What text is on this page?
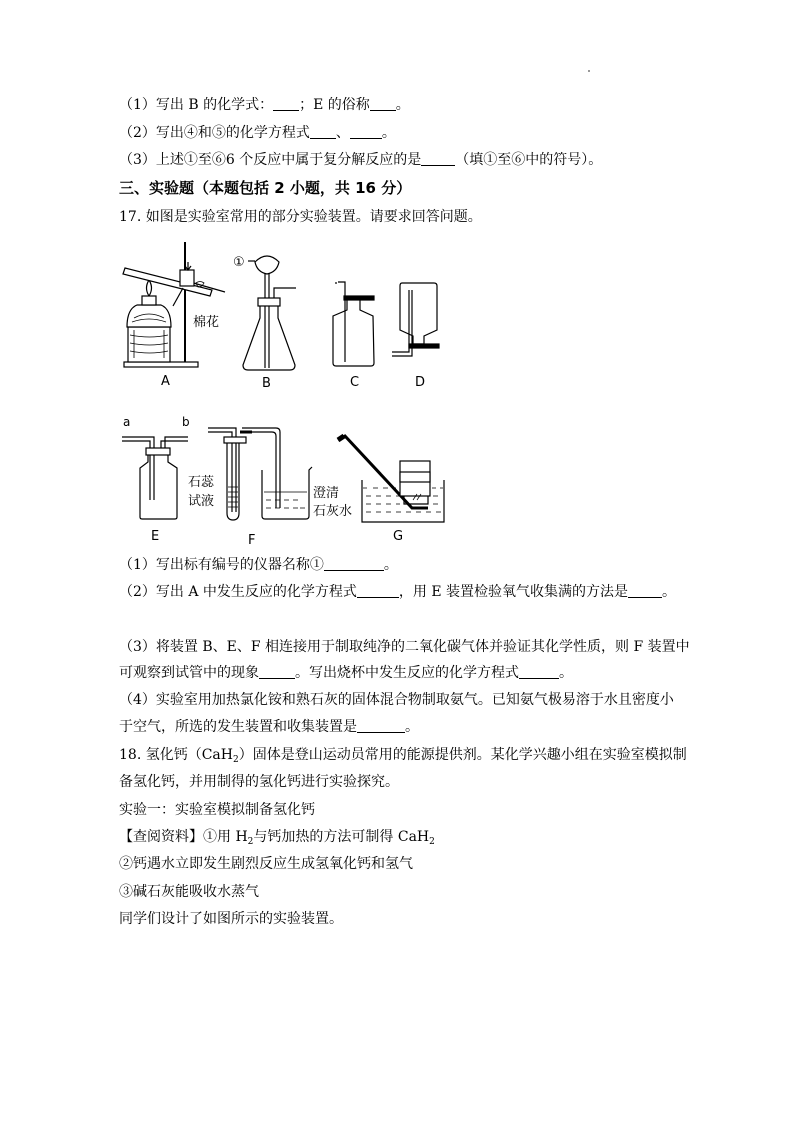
（1）写出 B 的化学式： ；E 的俗称 。
（2）写出④和⑤的化学方程式 、 。
（3）上述①至⑥6 个反应中属于复分解反应的是 （填①至⑥中的符号）。
三、实验题（本题包括 2 小题，共 16 分）
17. 如图是实验室常用的部分实验装置。请要求回答问题。
A
棉花
①
B	C	D
a	b
E
石蕊
试液
澄清
石灰水
F	G
（1）写出标有编号的仪器名称①	。
（2）写出 A 中发生反应的化学方程式	，用 E 装置检验氧气收集满的方法是 。
（3）将装置 B、E、F 相连接用于制取纯净的二氧化碳气体并验证其化学性质，则 F 装置中
可观察到试管中的现象	。写出烧杯中发生反应的化学方程式	。
（4）实验室用加热氯化铵和熟石灰的固体混合物制取氨气。已知氨气极易溶于水且密度小
于空气，所选的发生装置和收集装置是	。
18. 氢化钙（CaH$_2$）固体是登山运动员常用的能源提供剂。某化学兴趣小组在实验室模拟制
备氢化钙，并用制得的氢化钙进行实验探究。
实验一：实验室模拟制备氢化钙
【查阅资料】①用 $H_2$与钙加热的方法可制得 CaH$_2$
②钙遇水立即发生剧烈反应生成氢氧化钙和氢气
③碱石灰能吸收水蒸气
同学们设计了如图所示的实验装置。
